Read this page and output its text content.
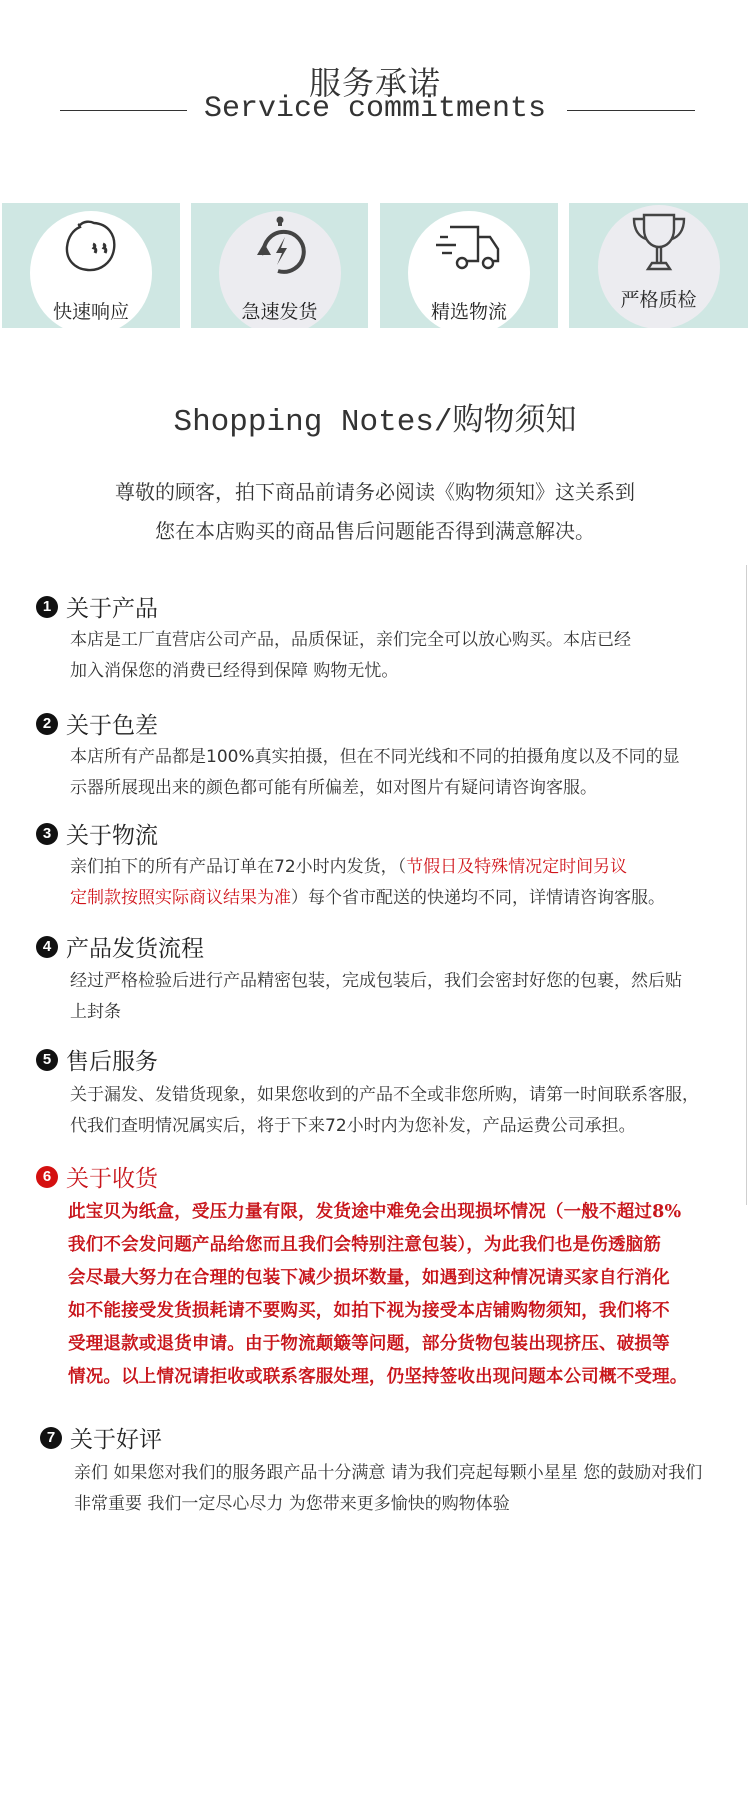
服务承诺
Service commitments
快速响应	急速发货	精选物流
严格质检
Shopping Notes/购物须知
尊敬的顾客，拍下商品前请务必阅读《购物须知》这关系到
您在本店购买的商品售后问题能否得到满意解决。
1 关于产品
本店是工厂直营店公司产品，品质保证，亲们完全可以放心购买。本店已经
加入消保您的消费已经得到保障 购物无忧。
2 关于色差
本店所有产品都是100%真实拍摄，但在不同光线和不同的拍摄角度以及不同的显
示器所展现出来的颜色都可能有所偏差，如对图片有疑问请咨询客服。
3 关于物流
亲们拍下的所有产品订单在72小时内发货，（节假日及特殊情况定时间另议
定制款按照实际商议结果为准）每个省市配送的快递均不同，详情请咨询客服。
4 产品发货流程
经过严格检验后进行产品精密包装，完成包装后，我们会密封好您的包裹，然后贴
上封条
5 售后服务
关于漏发、发错货现象，如果您收到的产品不全或非您所购，请第一时间联系客服，
代我们查明情况属实后，将于下来72小时内为您补发，产品运费公司承担。
6 关于收货
此宝贝为纸盒，受压力量有限，发货途中难免会出现损坏情况（一般不超过8%
我们不会发问题产品给您而且我们会特别注意包装），为此我们也是伤透脑筋
会尽最大努力在合理的包装下减少损坏数量，如遇到这种情况请买家自行消化
如不能接受发货损耗请不要购买，如拍下视为接受本店铺购物须知，我们将不
受理退款或退货申请。由于物流颠簸等问题，部分货物包装出现挤压、破损等
情况。以上情况请拒收或联系客服处理，仍坚持签收出现问题本公司概不受理。
7 关于好评
亲们 如果您对我们的服务跟产品十分满意 请为我们亮起每颗小星星 您的鼓励对我们
非常重要 我们一定尽心尽力 为您带来更多愉快的购物体验
